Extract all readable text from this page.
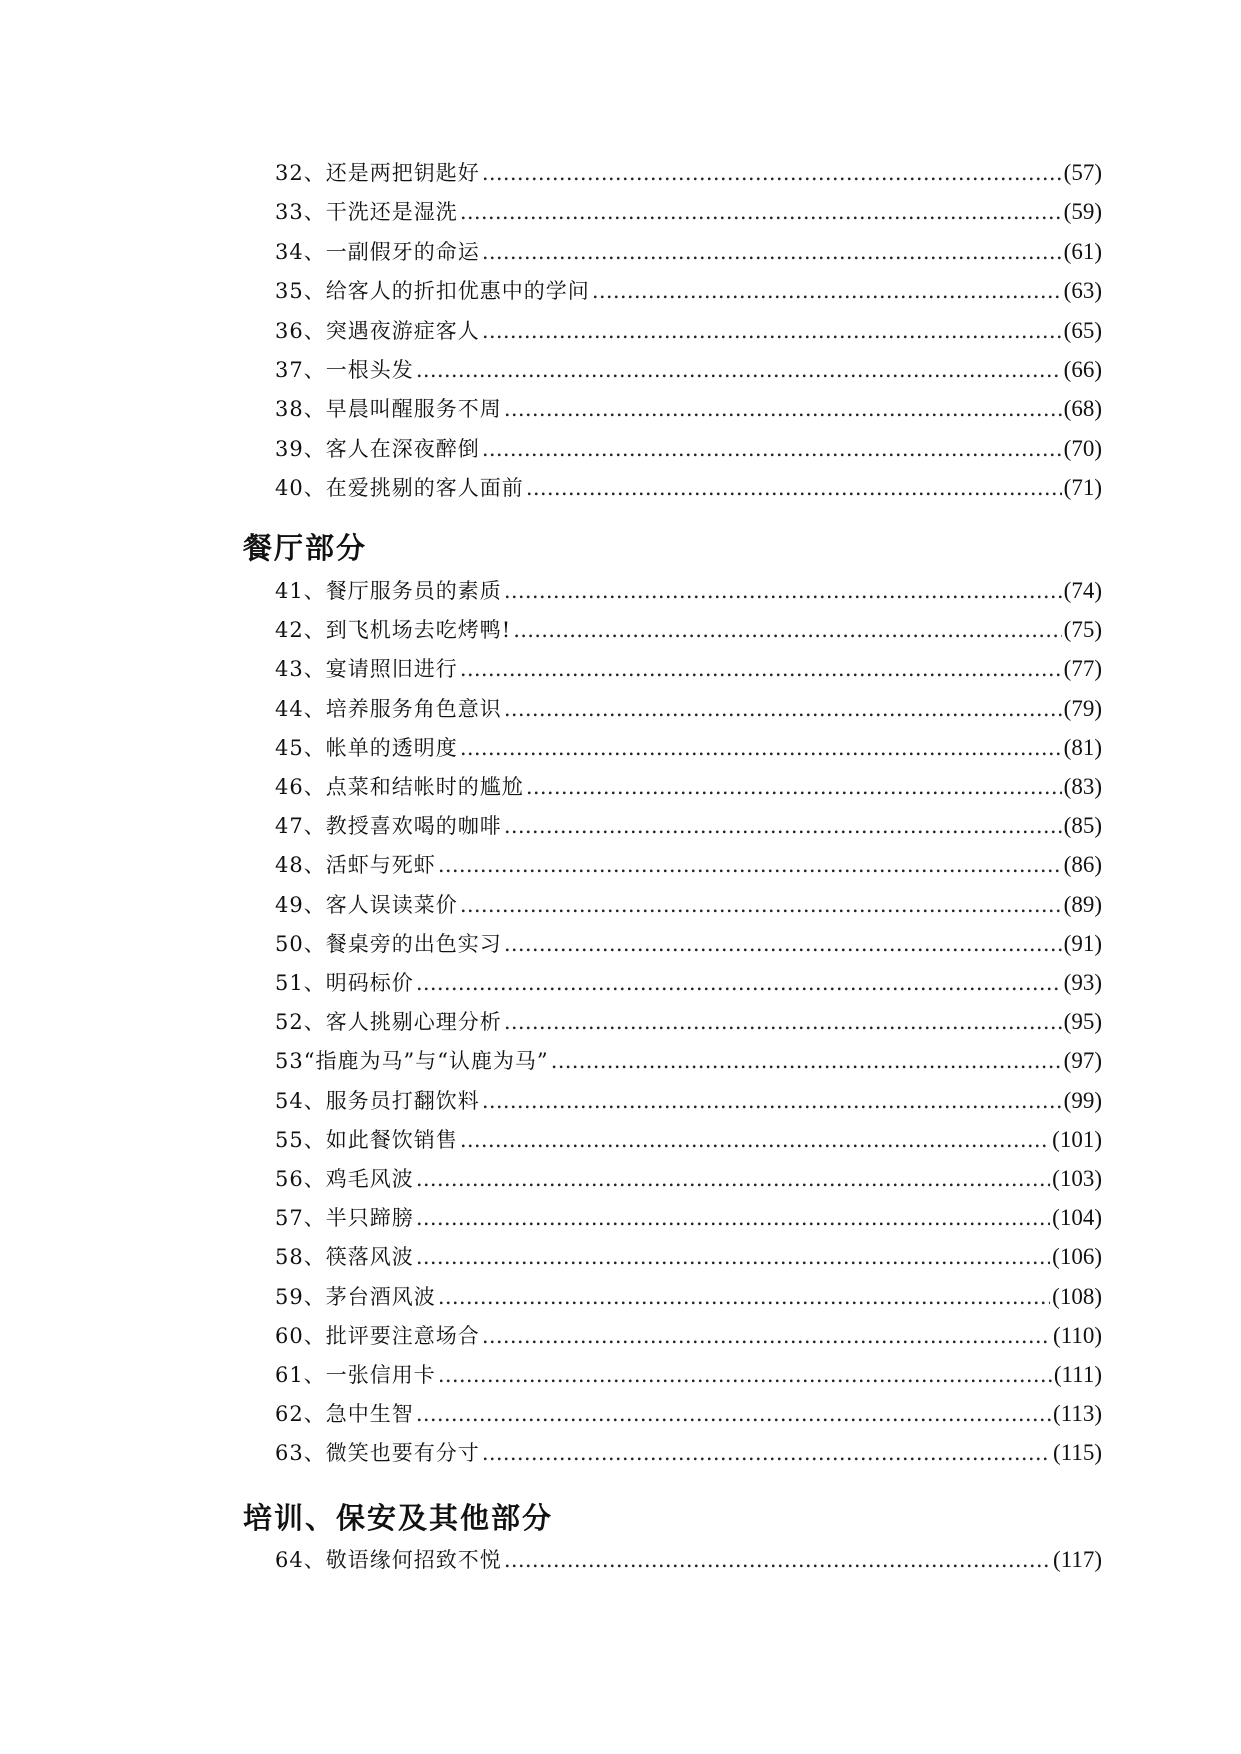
32、还是两把钥匙好 …………………………………………………………………………………………………………………………………………………………………………………………………………………………………………	(57)
33、干洗还是湿洗 …………………………………………………………………………………………………………………………………………………………………………………………………………………………………………	(59)
34、一副假牙的命运 …………………………………………………………………………………………………………………………………………………………………………………………………………………………………………	(61)
35、给客人的折扣优惠中的学问 …………………………………………………………………………………………………………………………………………………………………………………………………………………………………………	(63)
36、突遇夜游症客人 …………………………………………………………………………………………………………………………………………………………………………………………………………………………………………	(65)
37、一根头发 …………………………………………………………………………………………………………………………………………………………………………………………………………………………………………	(66)
38、早晨叫醒服务不周 …………………………………………………………………………………………………………………………………………………………………………………………………………………………………………	(68)
39、客人在深夜醉倒 …………………………………………………………………………………………………………………………………………………………………………………………………………………………………………	(70)
40、在爱挑剔的客人面前 …………………………………………………………………………………………………………………………………………………………………………………………………………………………………………	(71)
餐厅部分
41、餐厅服务员的素质 …………………………………………………………………………………………………………………………………………………………………………………………………………………………………………	(74)
42、到飞机场去吃烤鸭! …………………………………………………………………………………………………………………………………………………………………………………………………………………………………………	(75)
43、宴请照旧进行 …………………………………………………………………………………………………………………………………………………………………………………………………………………………………………	(77)
44、培养服务角色意识 …………………………………………………………………………………………………………………………………………………………………………………………………………………………………………	(79)
45、帐单的透明度 …………………………………………………………………………………………………………………………………………………………………………………………………………………………………………	(81)
46、点菜和结帐时的尴尬 …………………………………………………………………………………………………………………………………………………………………………………………………………………………………………	(83)
47、教授喜欢喝的咖啡 …………………………………………………………………………………………………………………………………………………………………………………………………………………………………………	(85)
48、活虾与死虾 …………………………………………………………………………………………………………………………………………………………………………………………………………………………………………	(86)
49、客人误读菜价 …………………………………………………………………………………………………………………………………………………………………………………………………………………………………………	(89)
50、餐桌旁的出色实习 …………………………………………………………………………………………………………………………………………………………………………………………………………………………………………	(91)
51、明码标价 …………………………………………………………………………………………………………………………………………………………………………………………………………………………………………	(93)
52、客人挑剔心理分析 …………………………………………………………………………………………………………………………………………………………………………………………………………………………………………	(95)
53“指鹿为马”与“认鹿为马” …………………………………………………………………………………………………………………………………………………………………………………………………………………………………………	(97)
54、服务员打翻饮料 …………………………………………………………………………………………………………………………………………………………………………………………………………………………………………	(99)
55、如此餐饮销售 …………………………………………………………………………………………………………………………………………………………………………………………………………………………………………	(101)
56、鸡毛风波 …………………………………………………………………………………………………………………………………………………………………………………………………………………………………………	(103)
57、半只蹄膀 …………………………………………………………………………………………………………………………………………………………………………………………………………………………………………	(104)
58、筷落风波 …………………………………………………………………………………………………………………………………………………………………………………………………………………………………………	(106)
59、茅台酒风波 …………………………………………………………………………………………………………………………………………………………………………………………………………………………………………	(108)
60、批评要注意场合 …………………………………………………………………………………………………………………………………………………………………………………………………………………………………………	(110)
61、一张信用卡 …………………………………………………………………………………………………………………………………………………………………………………………………………………………………………	(111)
62、急中生智 …………………………………………………………………………………………………………………………………………………………………………………………………………………………………………	(113)
63、微笑也要有分寸 …………………………………………………………………………………………………………………………………………………………………………………………………………………………………………	(115)
培训、保安及其他部分
64、敬语缘何招致不悦 …………………………………………………………………………………………………………………………………………………………………………………………………………………………………………	(117)
